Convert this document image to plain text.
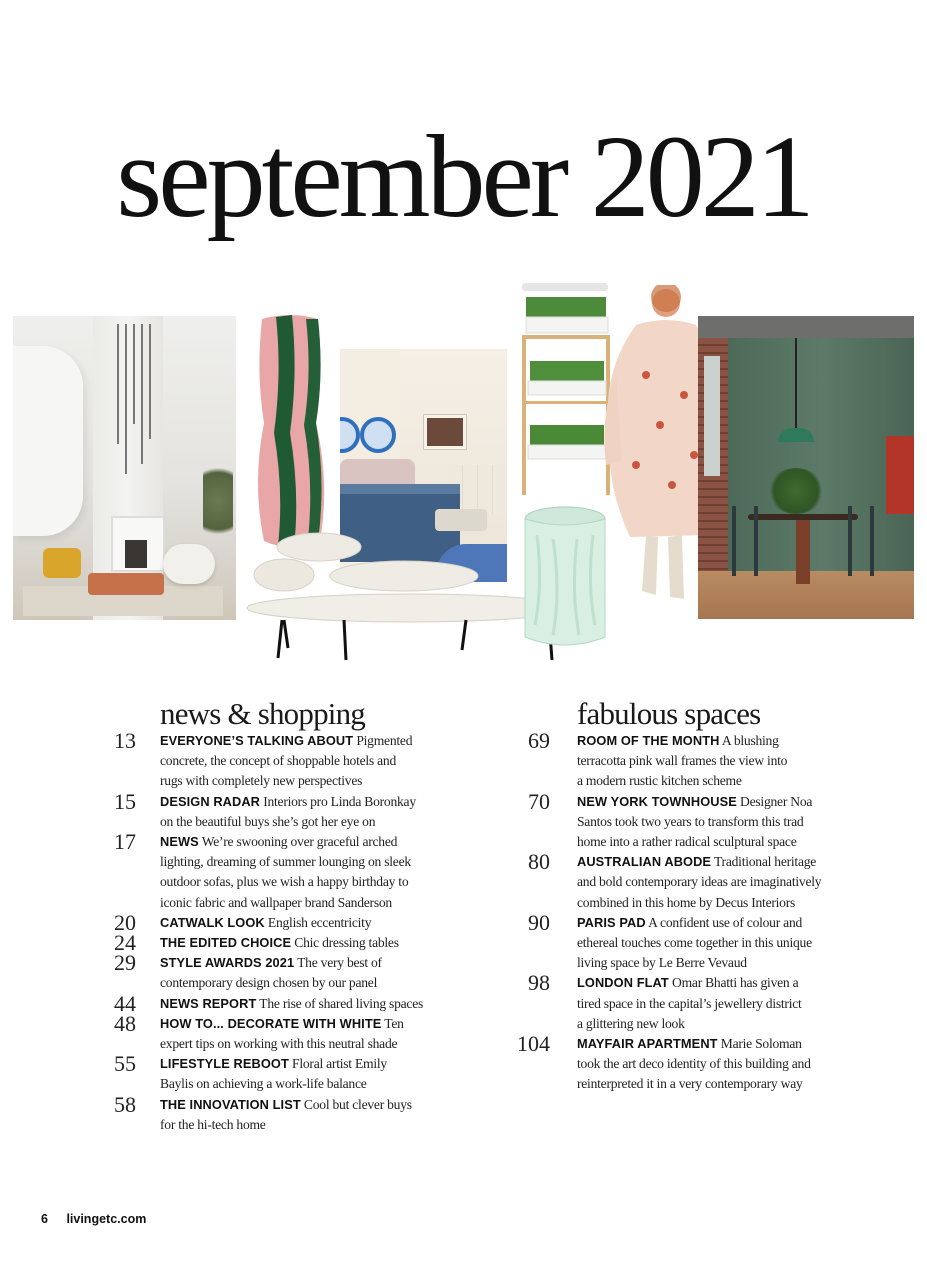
september 2021
news & shopping
13 EVERYONE’S TALKING ABOUT Pigmented
concrete, the concept of shoppable hotels and
rugs with completely new perspectives
15 DESIGN RADAR Interiors pro Linda Boronkay
on the beautiful buys she’s got her eye on
17 NEWS We’re swooning over graceful arched
lighting, dreaming of summer lounging on sleek
outdoor sofas, plus we wish a happy birthday to
iconic fabric and wallpaper brand Sanderson
20 CATWALK LOOK English eccentricity
24 THE EDITED CHOICE Chic dressing tables
29 STYLE AWARDS 2021 The very best of
contemporary design chosen by our panel
44 NEWS REPORT The rise of shared living spaces
48 HOW TO... DECORATE WITH WHITE Ten
expert tips on working with this neutral shade
55 LIFESTYLE REBOOT Floral artist Emily
Baylis on achieving a work-life balance
58 THE INNOVATION LIST Cool but clever buys
for the hi-tech home
fabulous spaces
69 ROOM OF THE MONTH A blushing
terracotta pink wall frames the view into
a modern rustic kitchen scheme
70 NEW YORK TOWNHOUSE Designer Noa
Santos took two years to transform this trad
home into a rather radical sculptural space
80 AUSTRALIAN ABODE Traditional heritage
and bold contemporary ideas are imaginatively
combined in this home by Decus Interiors
90 PARIS PAD A confident use of colour and
ethereal touches come together in this unique
living space by Le Berre Vevaud
98 LONDON FLAT Omar Bhatti has given a
tired space in the capital’s jewellery district
a glittering new look
104 MAYFAIR APARTMENT Marie Soloman
took the art deco identity of this building and
reinterpreted it in a very contemporary way
6 livingetc.com
